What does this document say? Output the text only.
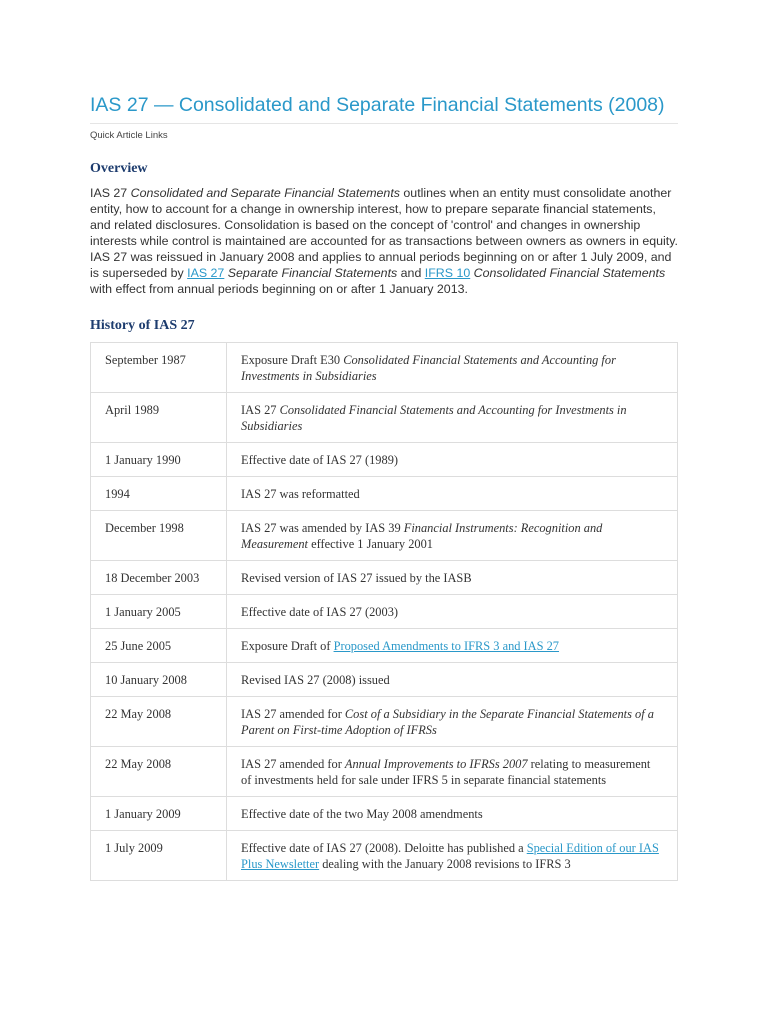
IAS 27 — Consolidated and Separate Financial Statements (2008)
Quick Article Links
Overview

IAS 27 Consolidated and Separate Financial Statements outlines when an entity must consolidate another entity, how to account for a change in ownership interest, how to prepare separate financial statements, and related disclosures. Consolidation is based on the concept of 'control' and changes in ownership interests while control is maintained are accounted for as transactions between owners as owners in equity.

IAS 27 was reissued in January 2008 and applies to annual periods beginning on or after 1 July 2009, and is superseded by IAS 27 Separate Financial Statements and IFRS 10 Consolidated Financial Statements with effect from annual periods beginning on or after 1 January 2013.

History of IAS 27
September 1987	Exposure Draft E30 Consolidated Financial Statements and Accounting for Investments in Subsidiaries
April 1989	IAS 27 Consolidated Financial Statements and Accounting for Investments in Subsidiaries
1 January 1990	Effective date of IAS 27 (1989)
1994	IAS 27 was reformatted
December 1998	IAS 27 was amended by IAS 39 Financial Instruments: Recognition and Measurement effective 1 January 2001
18 December 2003	Revised version of IAS 27 issued by the IASB
1 January 2005	Effective date of IAS 27 (2003)
25 June 2005	Exposure Draft of Proposed Amendments to IFRS 3 and IAS 27
10 January 2008	Revised IAS 27 (2008) issued
22 May 2008	IAS 27 amended for Cost of a Subsidiary in the Separate Financial Statements of a Parent on First-time Adoption of IFRSs
22 May 2008	IAS 27 amended for Annual Improvements to IFRSs 2007 relating to measurement of investments held for sale under IFRS 5 in separate financial statements
1 January 2009	Effective date of the two May 2008 amendments
1 July 2009	Effective date of IAS 27 (2008). Deloitte has published a Special Edition of our IAS Plus Newsletter dealing with the January 2008 revisions to IFRS 3
